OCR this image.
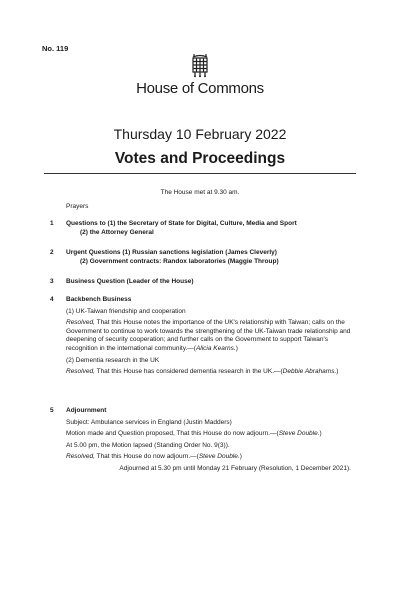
No. 119
House of Commons
Thursday 10 February 2022
Votes and Proceedings
The House met at 9.30 am.
Prayers
1 Questions to (1) the Secretary of State for Digital, Culture, Media and Sport
(2) the Attorney General
2 Urgent Questions (1) Russian sanctions legislation (James Cleverly)
(2) Government contracts: Randox laboratories (Maggie Throup)
3 Business Question (Leader of the House)
4 Backbench Business
(1) UK-Taiwan friendship and cooperation
Resolved, That this House notes the importance of the UK's relationship with Taiwan; calls on the Government to continue to work towards the strengthening of the UK-Taiwan trade relationship and deepening of security cooperation; and further calls on the Government to support Taiwan's recognition in the international community.—(Alicia Kearns.)
(2) Dementia research in the UK
Resolved, That this House has considered dementia research in the UK.—(Debbie Abrahams.)
5 Adjournment
Subject: Ambulance services in England (Justin Madders)
Motion made and Question proposed, That this House do now adjourn.—(Steve Double.)
At 5.00 pm, the Motion lapsed (Standing Order No. 9(3)).
Resolved, That this House do now adjourn.—(Steve Double.)
Adjourned at 5.30 pm until Monday 21 February (Resolution, 1 December 2021).
